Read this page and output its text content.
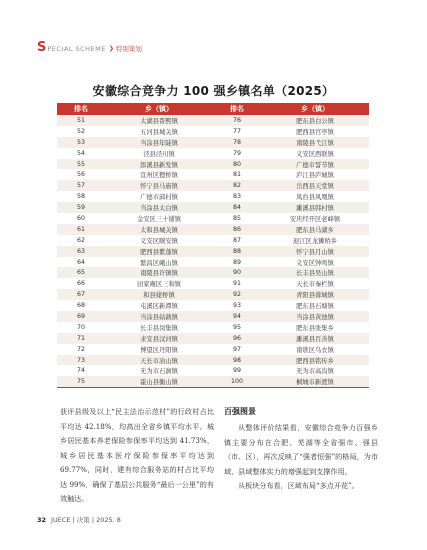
S PECIAL SCHEME ❯ 特别策划
安徽综合竞争力 100 强乡镇名单（2025）
排名	乡（镇）
51	太湖县晋熙镇
52	五河县城关镇
53	当涂县年陡镇
54	泾县泾川镇
55	郎溪县新发镇
56	宣州区狸桥镇
57	怀宁县马庙镇
58	广德市邱村镇
59	当涂县太白镇
60	金安区三十铺镇
61	太和县城关镇
62	义安区顺安镇
63	肥西县紫蓬镇
64	繁昌区峨山镇
65	南陵县许镇镇
66	田家庵区三和镇
67	和县姥桥镇
68	屯溪区新潭镇
69	当涂县姑孰镇
70	长丰县岗集镇
71	来安县汊河镇
72	博望区丹阳镇
73	天长市冶山镇
74	无为市石涧镇
75	霍山县衡山镇
排名	乡（镇）
76	肥东县白公镇
77	肥西县官亭镇
78	南陵县弋江镇
79	义安区西联镇
80	广德市誓节镇
81	庐江县庐城镇
82	岳西县天堂镇
83	凤台县凤凰镇
84	濉溪县韩村镇
85	安庆经开区老峰镇
86	肥东县马湖乡
87	迎江区龙狮桥乡
88	怀宁县月山镇
89	义安区钟鸣镇
90	长丰县吴山镇
91	天长市秦栏镇
92	青阳县蓉城镇
93	肥东县石塘镇
94	当涂县黄池镇
95	肥东县张集乡
96	濉溪县百善镇
97	南谯区乌衣镇
98	肥西县铭传乡
99	无为市高沟镇
100	桐城市新渡镇

获评县级及以上“民主法治示范村”的行政村占比平均达 42.18%，均高出全省乡镇平均水平。城乡居民基本养老保险参保率平均达到 41.73%，城乡居民基本医疗保险参保率平均达到 69.77%，同时，建有综合服务站的村占比平均达 99%，确保了基层公共服务“最后一公里”的有效触达。

百强图景

从整体评价结果看，安徽综合竞争力百强乡镇主要分布在合肥、芜湖等全省强市、强县（市、区），再次反映了“强者恒强”的格局，为市域、县域整体实力的增强起到支撑作用。

从板块分布看，区域布局“多点开花”。

32 JUECE | 决策 | 2025. 8
